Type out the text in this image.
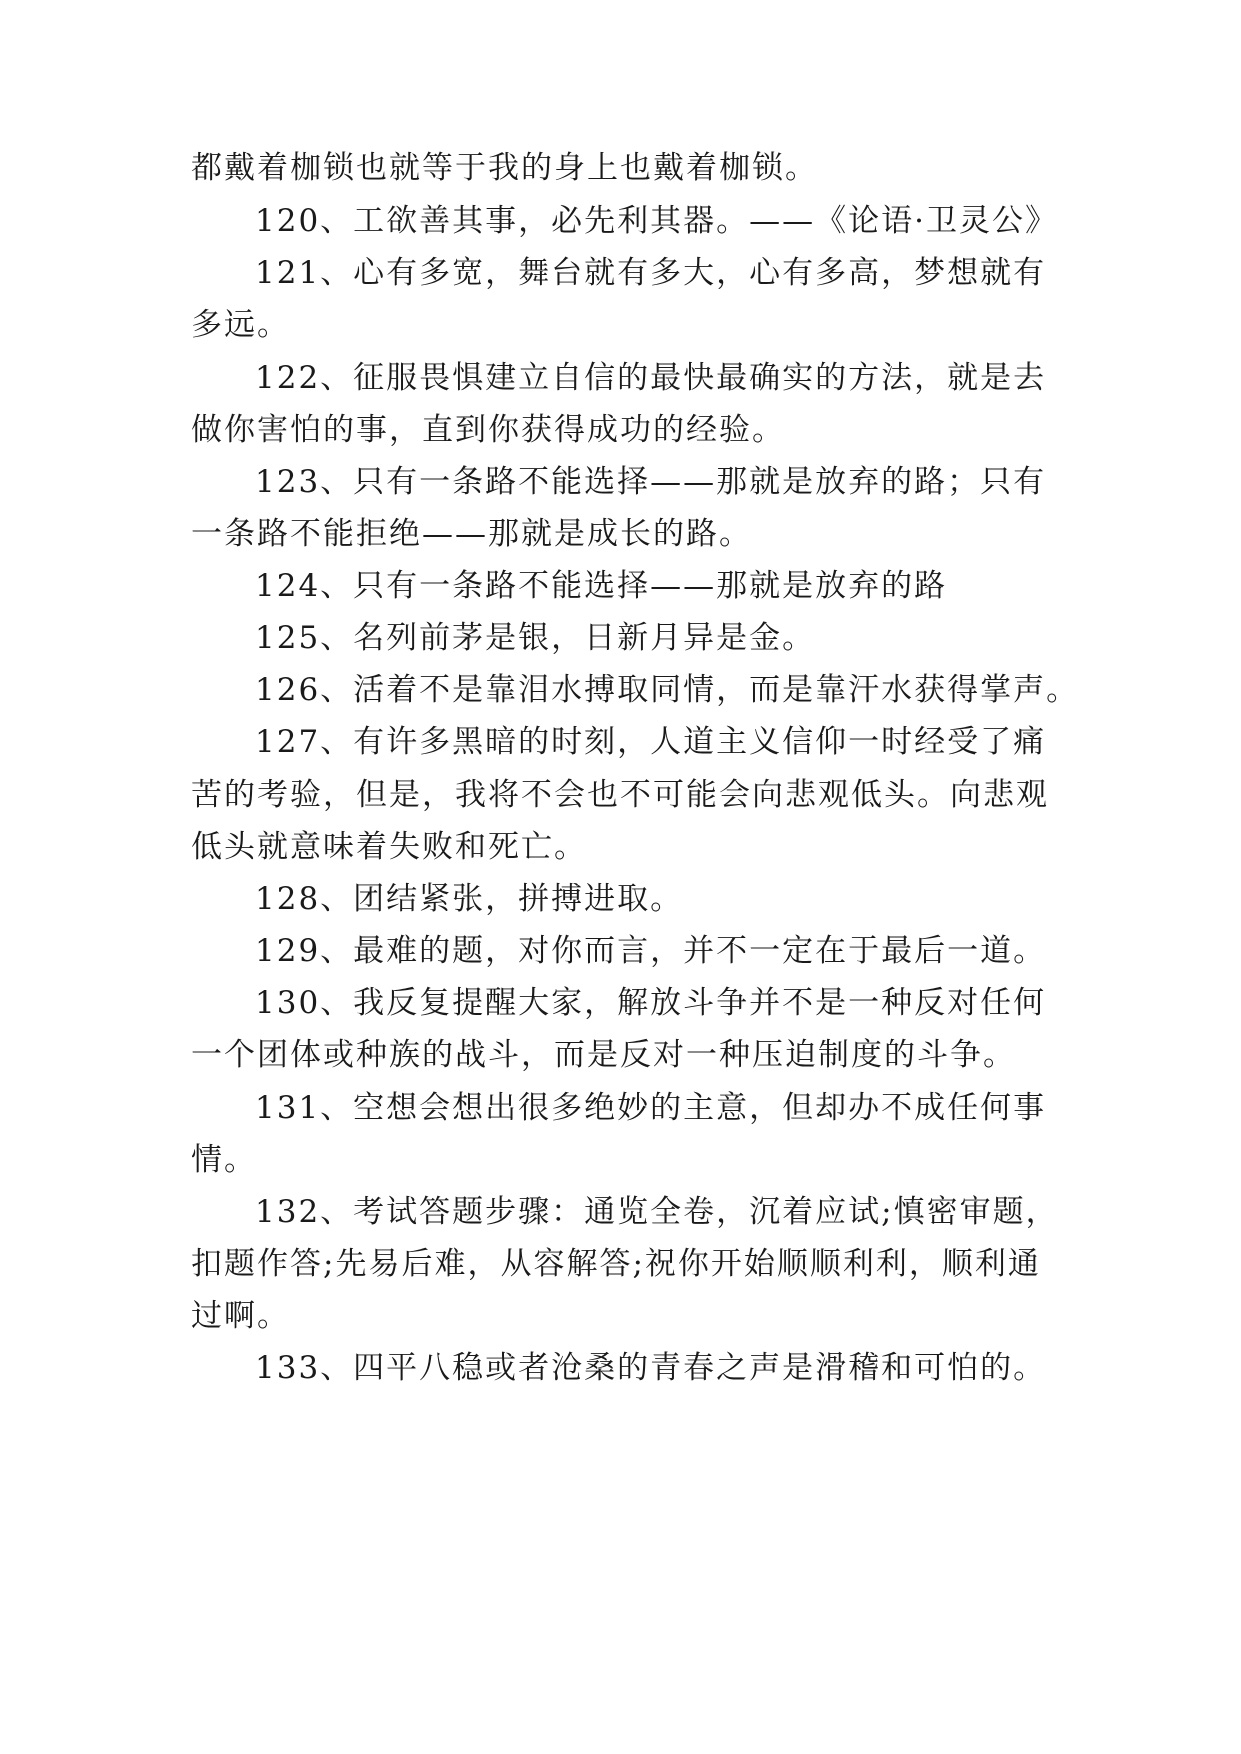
都戴着枷锁也就等于我的身上也戴着枷锁。
120、工欲善其事，必先利其器。——《论语·卫灵公》
121、心有多宽，舞台就有多大，心有多高，梦想就有
多远。
122、征服畏惧建立自信的最快最确实的方法，就是去
做你害怕的事，直到你获得成功的经验。
123、只有一条路不能选择——那就是放弃的路；只有
一条路不能拒绝——那就是成长的路。
124、只有一条路不能选择——那就是放弃的路
125、名列前茅是银，日新月异是金。
126、活着不是靠泪水搏取同情，而是靠汗水获得掌声。
127、有许多黑暗的时刻，人道主义信仰一时经受了痛
苦的考验，但是，我将不会也不可能会向悲观低头。向悲观
低头就意味着失败和死亡。
128、团结紧张，拼搏进取。
129、最难的题，对你而言，并不一定在于最后一道。
130、我反复提醒大家，解放斗争并不是一种反对任何
一个团体或种族的战斗，而是反对一种压迫制度的斗争。
131、空想会想出很多绝妙的主意，但却办不成任何事
情。
132、考试答题步骤：通览全卷，沉着应试;慎密审题，
扣题作答;先易后难，从容解答;祝你开始顺顺利利，顺利通
过啊。
133、四平八稳或者沧桑的青春之声是滑稽和可怕的。
